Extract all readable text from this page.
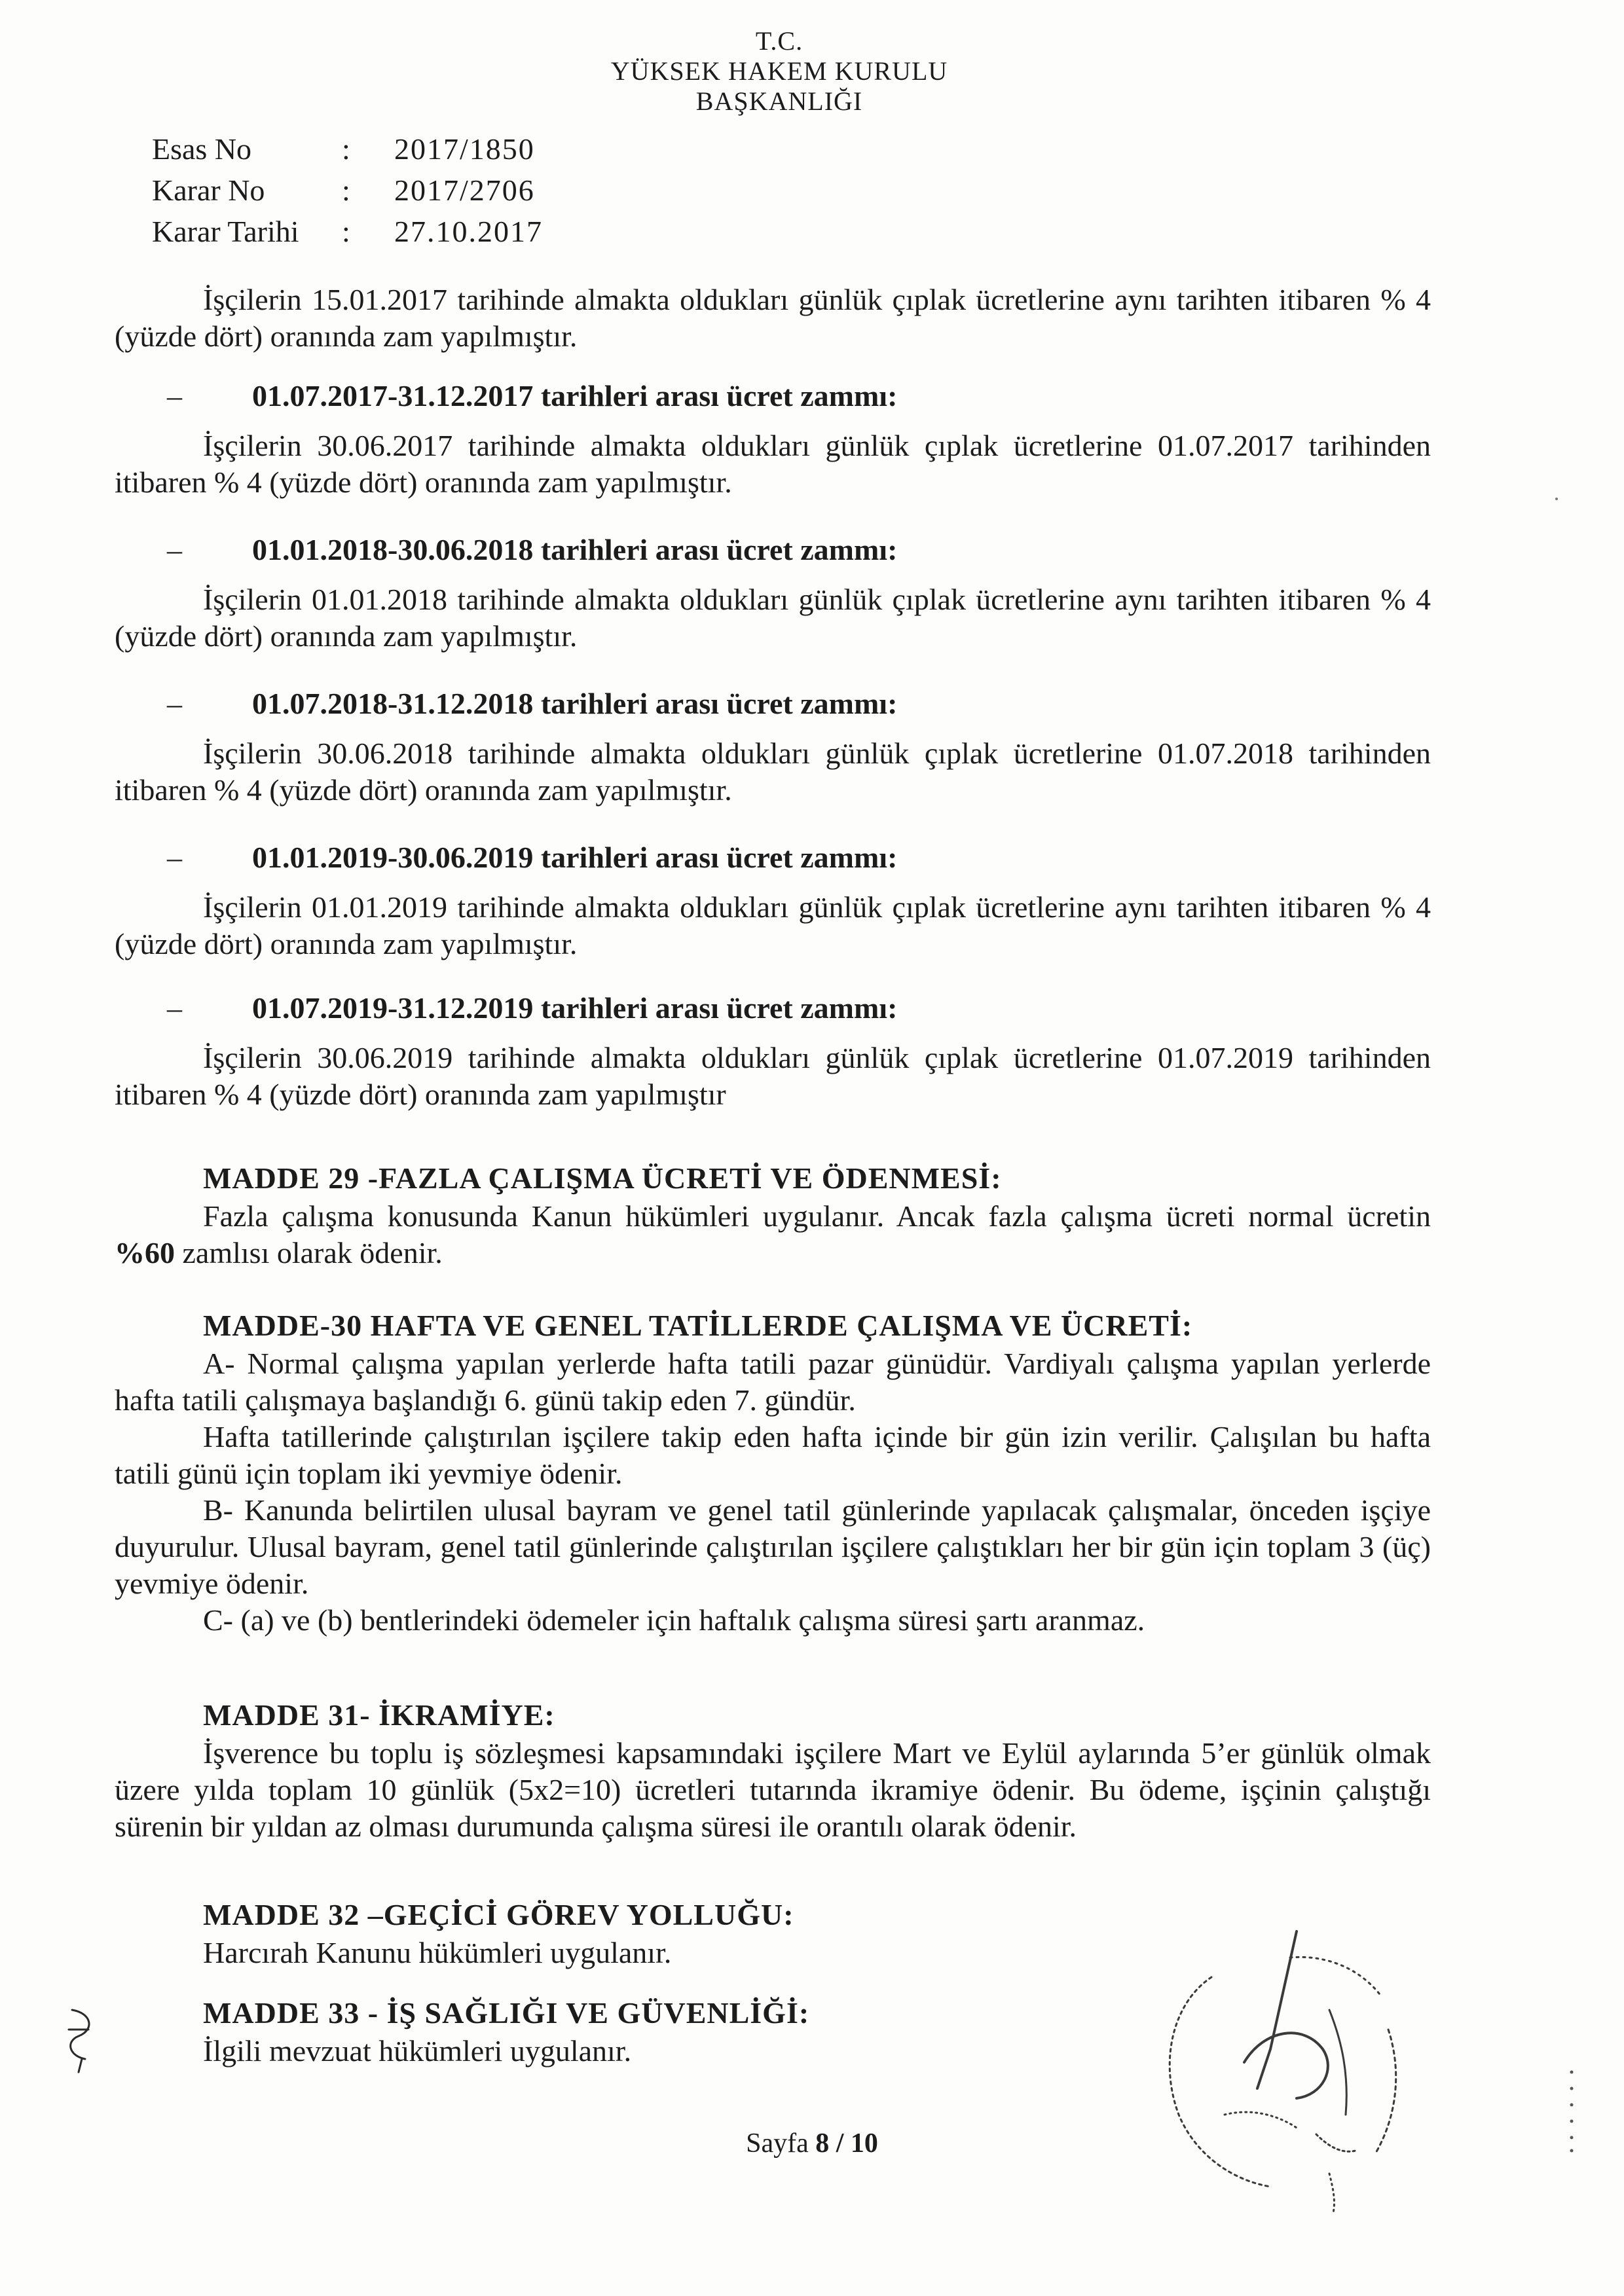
T.C.
YÜKSEK HAKEM KURULU
BAŞKANLIĞI
Esas No	:	2017/1850
Karar No	:	2017/2706
Karar Tarihi	:	27.10.2017

İşçilerin 15.01.2017 tarihinde almakta oldukları günlük çıplak ücretlerine aynı tarihten itibaren % 4 (yüzde dört) oranında zam yapılmıştır.

–	01.07.2017-31.12.2017 tarihleri arası ücret zammı:

İşçilerin 30.06.2017 tarihinde almakta oldukları günlük çıplak ücretlerine 01.07.2017 tarihinden itibaren % 4 (yüzde dört) oranında zam yapılmıştır.

–	01.01.2018-30.06.2018 tarihleri arası ücret zammı:

İşçilerin 01.01.2018 tarihinde almakta oldukları günlük çıplak ücretlerine aynı tarihten itibaren % 4 (yüzde dört) oranında zam yapılmıştır.

–	01.07.2018-31.12.2018 tarihleri arası ücret zammı:

İşçilerin 30.06.2018 tarihinde almakta oldukları günlük çıplak ücretlerine 01.07.2018 tarihinden itibaren % 4 (yüzde dört) oranında zam yapılmıştır.

–	01.01.2019-30.06.2019 tarihleri arası ücret zammı:

İşçilerin 01.01.2019 tarihinde almakta oldukları günlük çıplak ücretlerine aynı tarihten itibaren % 4 (yüzde dört) oranında zam yapılmıştır.

–	01.07.2019-31.12.2019 tarihleri arası ücret zammı:

İşçilerin 30.06.2019 tarihinde almakta oldukları günlük çıplak ücretlerine 01.07.2019 tarihinden itibaren % 4 (yüzde dört) oranında zam yapılmıştır

MADDE 29 -FAZLA ÇALIŞMA ÜCRETİ VE ÖDENMESİ:

Fazla çalışma konusunda Kanun hükümleri uygulanır. Ancak fazla çalışma ücreti normal ücretin %60 zamlısı olarak ödenir.

MADDE-30 HAFTA VE GENEL TATİLLERDE ÇALIŞMA VE ÜCRETİ:

A- Normal çalışma yapılan yerlerde hafta tatili pazar günüdür. Vardiyalı çalışma yapılan yerlerde hafta tatili çalışmaya başlandığı 6. günü takip eden 7. gündür.

Hafta tatillerinde çalıştırılan işçilere takip eden hafta içinde bir gün izin verilir. Çalışılan bu hafta tatili günü için toplam iki yevmiye ödenir.

B- Kanunda belirtilen ulusal bayram ve genel tatil günlerinde yapılacak çalışmalar, önceden işçiye duyurulur. Ulusal bayram, genel tatil günlerinde çalıştırılan işçilere çalıştıkları her bir gün için toplam 3 (üç) yevmiye ödenir.

C- (a) ve (b) bentlerindeki ödemeler için haftalık çalışma süresi şartı aranmaz.

MADDE 31- İKRAMİYE:

İşverence bu toplu iş sözleşmesi kapsamındaki işçilere Mart ve Eylül aylarında 5’er günlük olmak üzere yılda toplam 10 günlük (5x2=10) ücretleri tutarında ikramiye ödenir. Bu ödeme, işçinin çalıştığı sürenin bir yıldan az olması durumunda çalışma süresi ile orantılı olarak ödenir.

MADDE 32 –GEÇİCİ GÖREV YOLLUĞU:

Harcırah Kanunu hükümleri uygulanır.

MADDE 33 - İŞ SAĞLIĞI VE GÜVENLİĞİ:

İlgili mevzuat hükümleri uygulanır.

Sayfa 8 / 10
